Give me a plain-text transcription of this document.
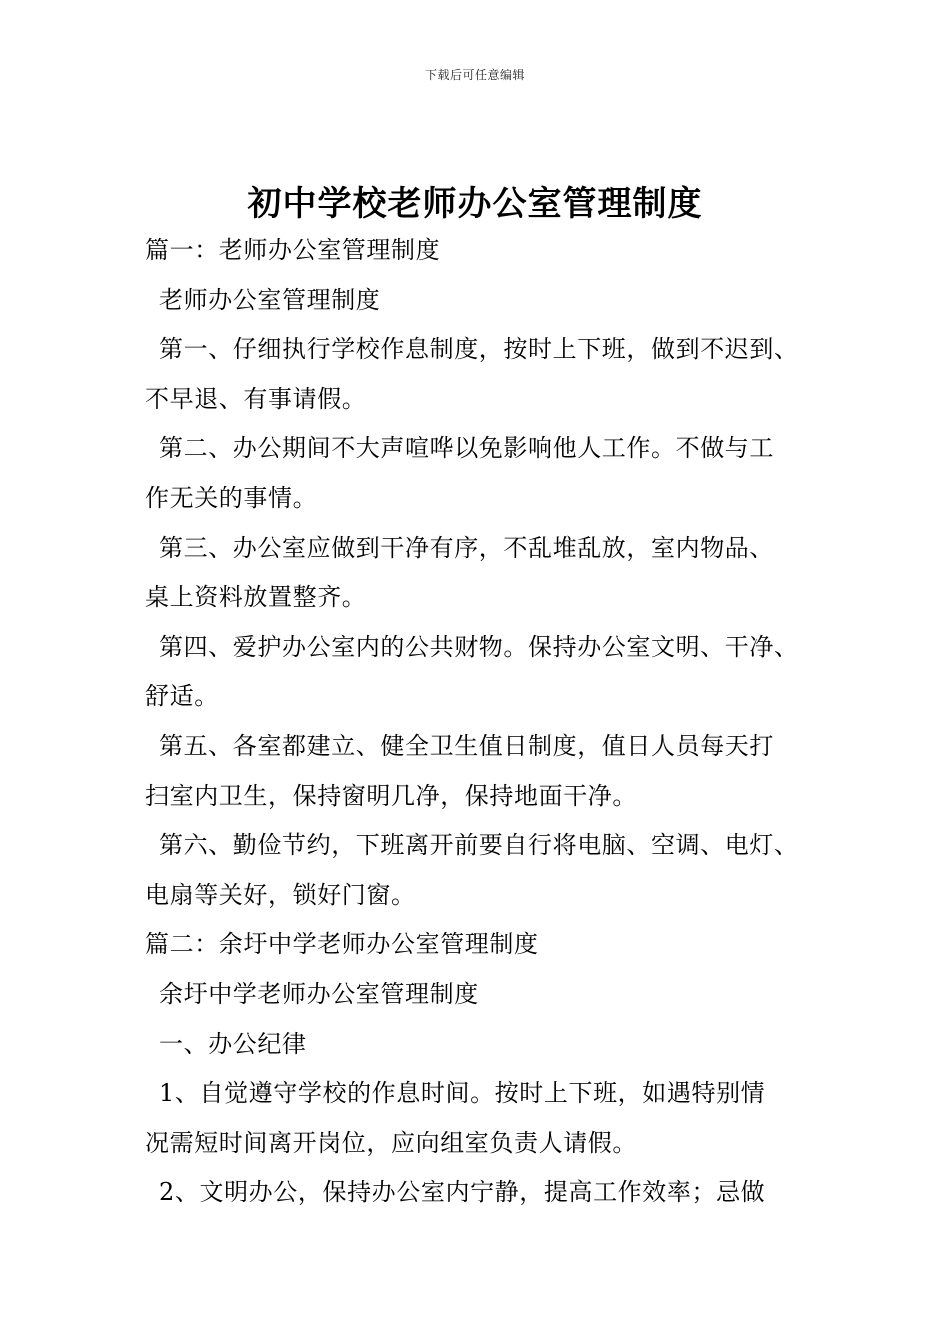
下载后可任意编辑
初中学校老师办公室管理制度
篇一：老师办公室管理制度
老师办公室管理制度
第一、仔细执行学校作息制度，按时上下班，做到不迟到、
不早退、有事请假。
第二、办公期间不大声喧哗以免影响他人工作。不做与工
作无关的事情。
第三、办公室应做到干净有序，不乱堆乱放，室内物品、
桌上资料放置整齐。
第四、爱护办公室内的公共财物。保持办公室文明、干净、
舒适。
第五、各室都建立、健全卫生值日制度，值日人员每天打
扫室内卫生，保持窗明几净，保持地面干净。
第六、勤俭节约，下班离开前要自行将电脑、空调、电灯、
电扇等关好，锁好门窗。
篇二：余圩中学老师办公室管理制度
余圩中学老师办公室管理制度
一、办公纪律
1、自觉遵守学校的作息时间。按时上下班，如遇特别情
况需短时间离开岗位，应向组室负责人请假。
2、文明办公，保持办公室内宁静，提高工作效率；忌做
